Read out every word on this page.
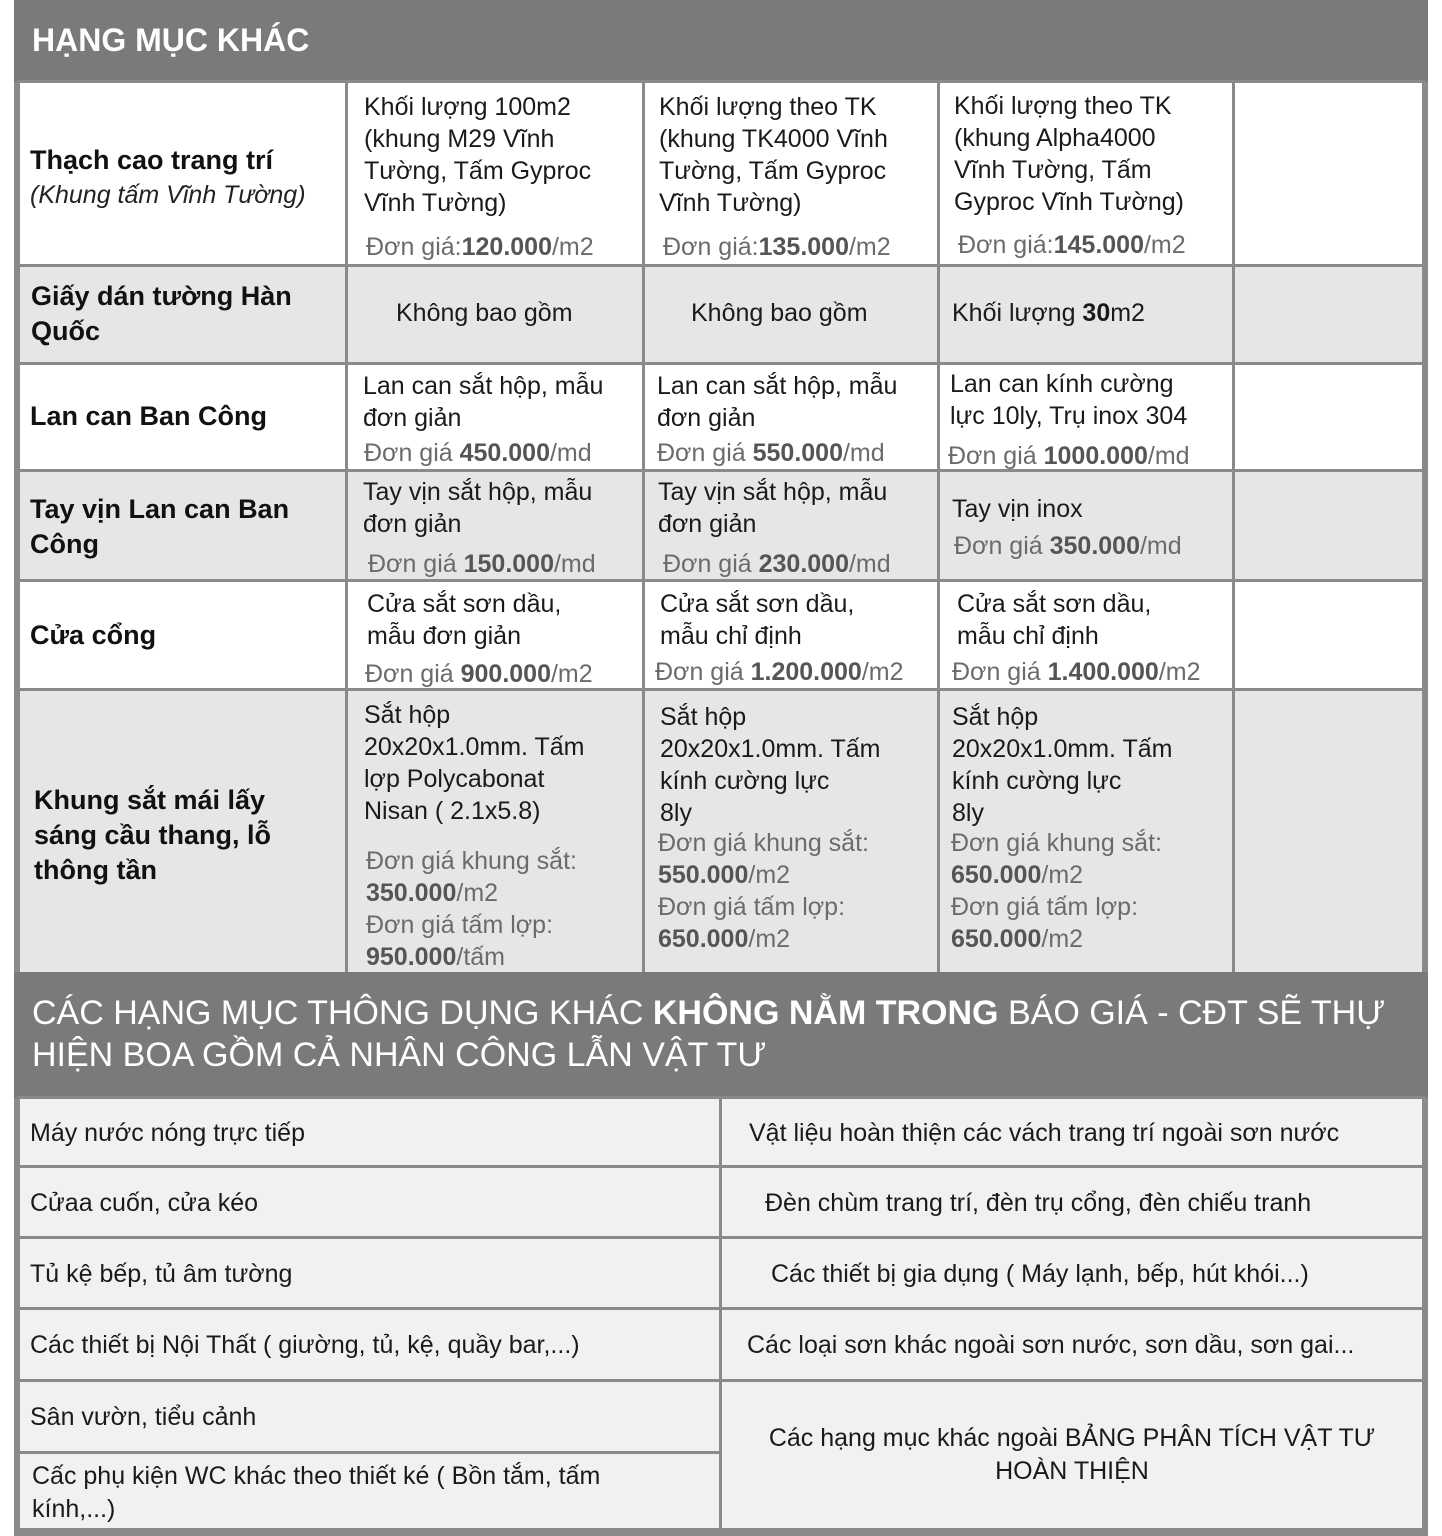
HẠNG MỤC KHÁC
Thạch cao trang trí
(Khung tấm Vĩnh Tường)
Khối lượng 100m2
(khung M29 Vĩnh
Tường, Tấm Gyproc
Vĩnh Tường)
Đơn giá:120.000/m2
Khối lượng theo TK
(khung TK4000 Vĩnh
Tường, Tấm Gyproc
Vĩnh Tường)
Đơn giá:135.000/m2
Khối lượng theo TK
(khung Alpha4000
Vĩnh Tường, Tấm
Gyproc Vĩnh Tường)
Đơn giá:145.000/m2
Giấy dán tường Hàn Quốc
Không bao gồm	Không bao gồm	Khối lượng 30m2
Lan can Ban Công
Lan can sắt hộp, mẫu
đơn giản
Đơn giá 450.000/md
Lan can sắt hộp, mẫu
đơn giản
Đơn giá 550.000/md
Lan can kính cường
lực 10ly, Trụ inox 304
Đơn giá 1000.000/md
Tay vịn Lan can Ban Công
Tay vịn sắt hộp, mẫu
đơn giản
Đơn giá 150.000/md
Tay vịn sắt hộp, mẫu
đơn giản
Đơn giá 230.000/md
Tay vịn inox
Đơn giá 350.000/md
Cửa cổng
Cửa sắt sơn dầu,
mẫu đơn giản
Đơn giá 900.000/m2
Cửa sắt sơn dầu,
mẫu chỉ định
Đơn giá 1.200.000/m2
Cửa sắt sơn dầu,
mẫu chỉ định
Đơn giá 1.400.000/m2
Khung sắt mái lấy sáng cầu thang, lỗ thông tần
Sắt hộp
20x20x1.0mm. Tấm
lợp Polycabonat
Nisan ( 2.1x5.8)
Đơn giá khung sắt:
350.000/m2
Đơn giá tấm lợp:
950.000/tấm
Sắt hộp
20x20x1.0mm. Tấm
kính cường lực
8ly
Đơn giá khung sắt:
550.000/m2
Đơn giá tấm lợp:
650.000/m2
Sắt hộp
20x20x1.0mm. Tấm
kính cường lực
8ly
Đơn giá khung sắt:
650.000/m2
Đơn giá tấm lợp:
650.000/m2
CÁC HẠNG MỤC THÔNG DỤNG KHÁC KHÔNG NẰM TRONG BÁO GIÁ - CĐT SẼ THỰ HIỆN BOA GỒM CẢ NHÂN CÔNG LẪN VẬT TƯ
Máy nước nóng trực tiếp
Cửaa cuốn, cửa kéo
Tủ kệ bếp, tủ âm tường
Các thiết bị Nội Thất ( giường, tủ, kệ, quầy bar,...)
Sân vườn, tiểu cảnh
Cấc phụ kiện WC khác theo thiết ké ( Bồn tắm, tấm kính,...)
Vật liệu hoàn thiện các vách trang trí ngoài sơn nước
Đèn chùm trang trí, đèn trụ cổng, đèn chiếu tranh
Các thiết bị gia dụng ( Máy lạnh, bếp, hút khói...)
Các loại sơn khác ngoài sơn nước, sơn dầu, sơn gai...
Các hạng mục khác ngoài BẢNG PHÂN TÍCH VẬT TƯ HOÀN THIỆN
